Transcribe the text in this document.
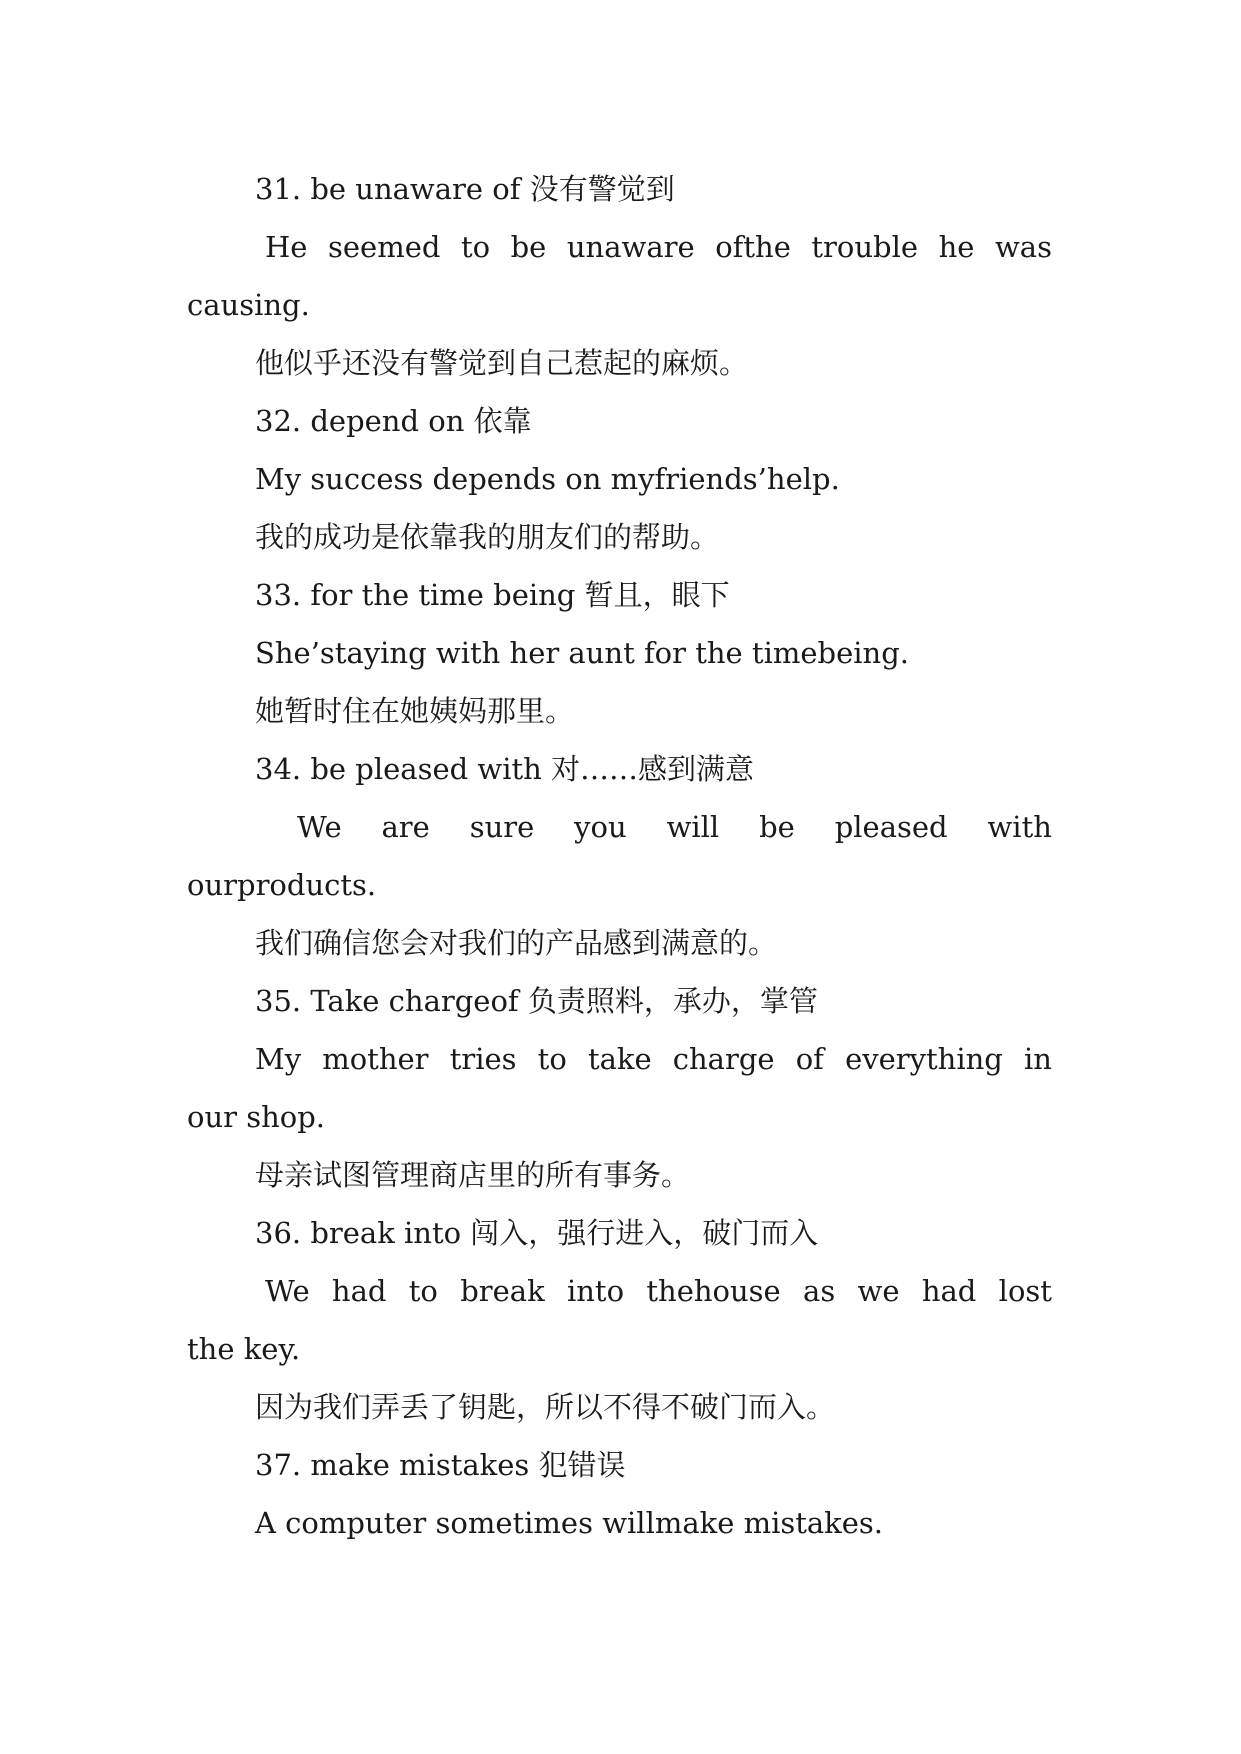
31. be unaware of 没有警觉到
He seemed to be unaware ofthe trouble he was
causing.
他似乎还没有警觉到自己惹起的麻烦。
32. depend on 依靠
My success depends on myfriends’help.
我的成功是依靠我的朋友们的帮助。
33. for the time being 暂且，眼下
She’staying with her aunt for the timebeing.
她暂时住在她姨妈那里。
34. be pleased with 对……感到满意
We are sure you will be pleased with
ourproducts.
我们确信您会对我们的产品感到满意的。
35. Take chargeof 负责照料，承办，掌管
My mother tries to take charge of everything in
our shop.
母亲试图管理商店里的所有事务。
36. break into 闯入，强行进入，破门而入
We had to break into thehouse as we had lost
the key.
因为我们弄丢了钥匙，所以不得不破门而入。
37. make mistakes 犯错误
A computer sometimes willmake mistakes.
